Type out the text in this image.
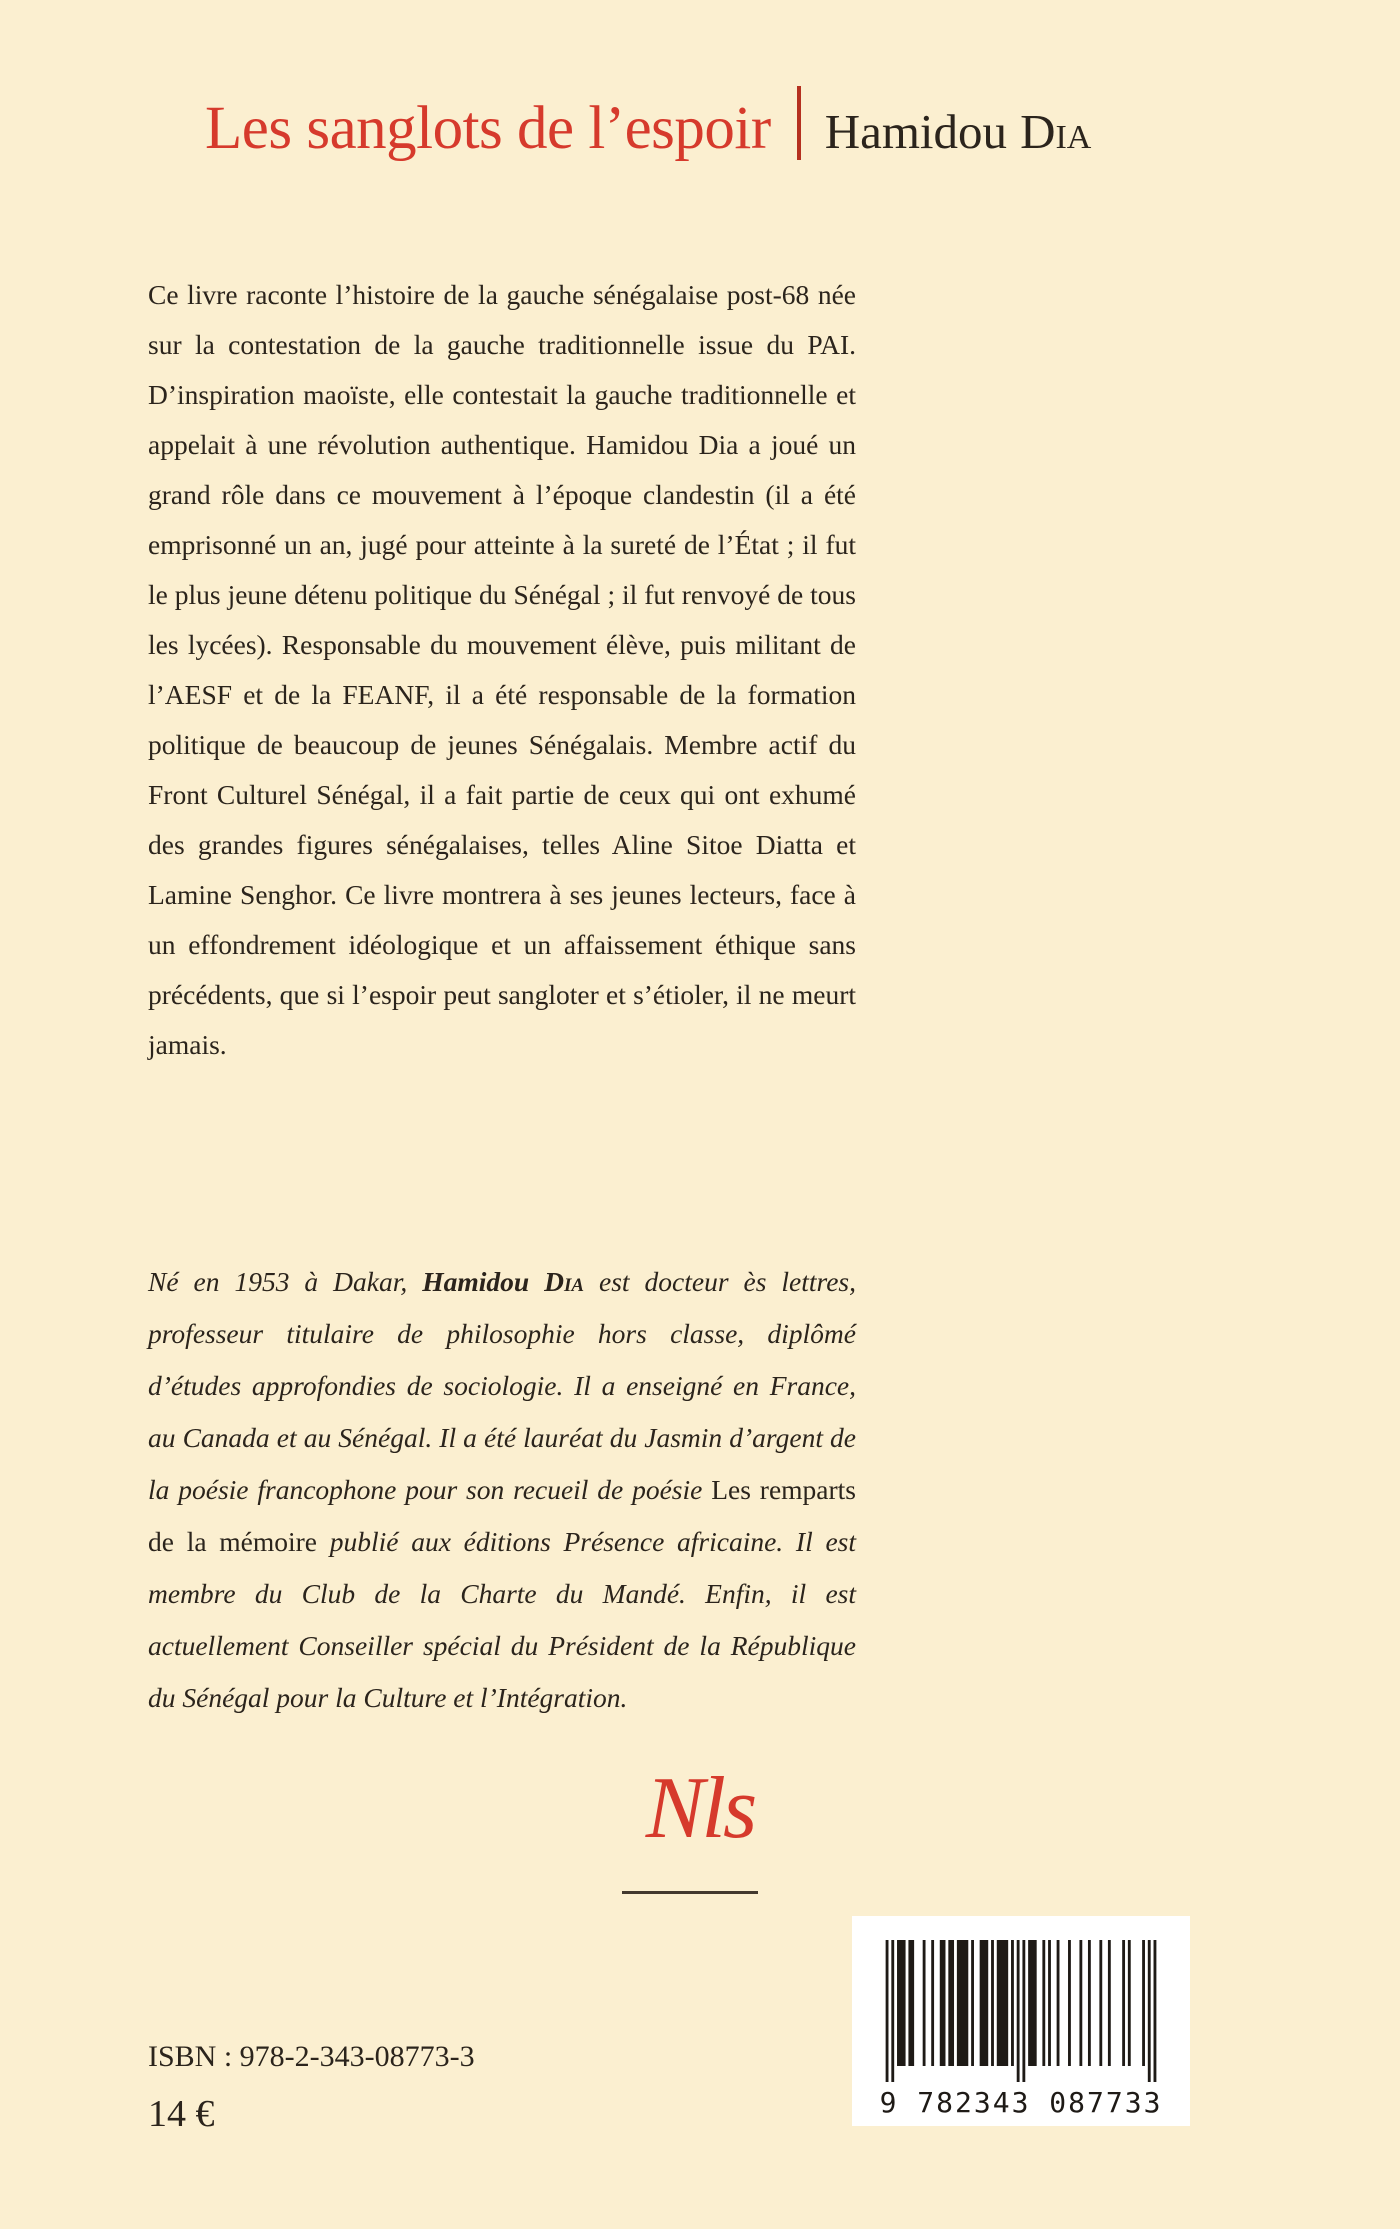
Les sanglots de l’espoir Hamidou Dia
Ce livre raconte l’histoire de la gauche sénégalaise post-68 née sur la contestation de la gauche traditionnelle issue du PAI. D’inspiration maoïste, elle contestait la gauche traditionnelle et appelait à une révolution authentique. Hamidou Dia a joué un grand rôle dans ce mouvement à l’époque clandestin (il a été emprisonné un an, jugé pour atteinte à la sureté de l’État ; il fut le plus jeune détenu politique du Sénégal ; il fut renvoyé de tous les lycées). Responsable du mouvement élève, puis militant de l’AESF et de la FEANF, il a été responsable de la formation politique de beaucoup de jeunes Sénégalais. Membre actif du Front Culturel Sénégal, il a fait partie de ceux qui ont exhumé des grandes figures sénégalaises, telles Aline Sitoe Diatta et Lamine Senghor. Ce livre montrera à ses jeunes lecteurs, face à un effondrement idéologique et un affaissement éthique sans précédents, que si l’espoir peut sangloter et s’étioler, il ne meurt jamais.
Né en 1953 à Dakar, Hamidou Dia est docteur ès lettres, professeur titulaire de philosophie hors classe, diplômé d’études approfondies de sociologie. Il a enseigné en France, au Canada et au Sénégal. Il a été lauréat du Jasmin d’argent de la poésie francophone pour son recueil de poésie Les remparts de la mémoire publié aux éditions Présence africaine. Il est membre du Club de la Charte du Mandé. Enfin, il est actuellement Conseiller spécial du Président de la République du Sénégal pour la Culture et l’Intégration.
Nls
9 782343 087733
ISBN : 978-2-343-08773-3
14 €
